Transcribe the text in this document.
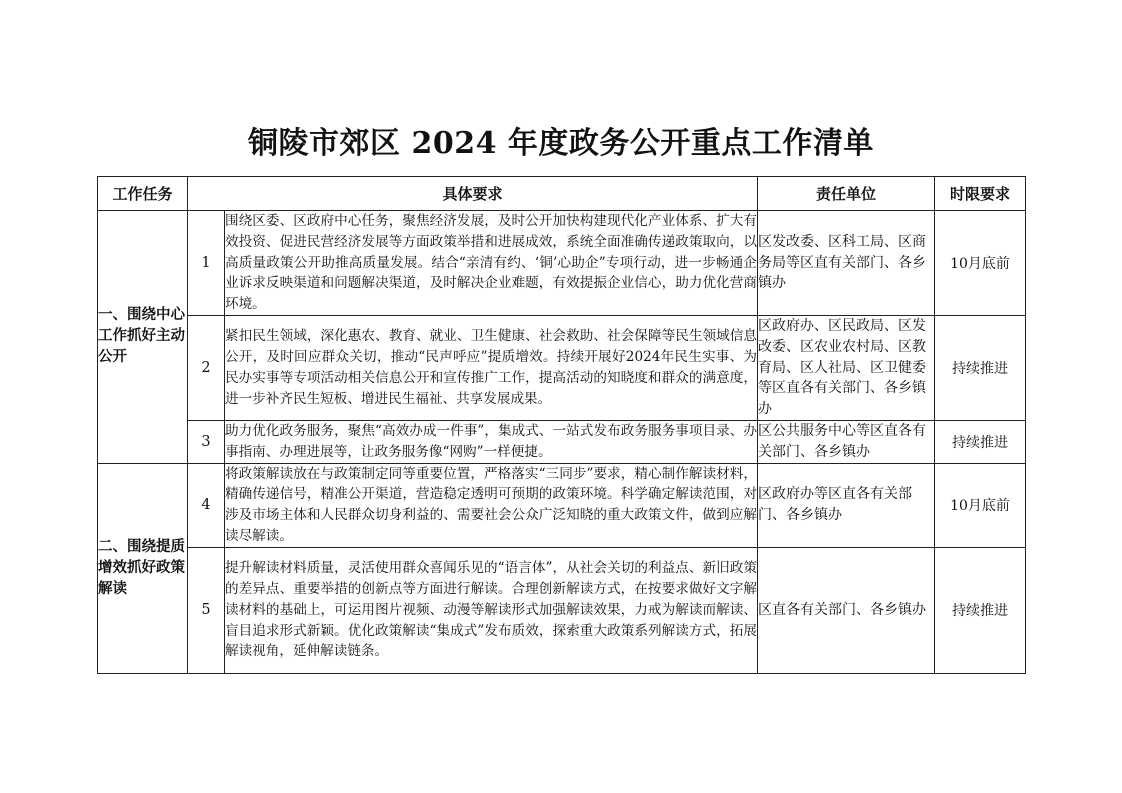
铜陵市郊区 2024 年度政务公开重点工作清单
工作任务	具体要求		责任单位	时限要求
一、围绕中心工作抓好主动公开	1	围绕区委、区政府中心任务，聚焦经济发展，及时公开加快构建现代化产业体系、扩大有效投资、促进民营经济发展等方面政策举措和进展成效，系统全面准确传递政策取向，以高质量政策公开助推高质量发展。结合“亲清有约、‘铜’心助企”专项行动，进一步畅通企业诉求反映渠道和问题解决渠道，及时解决企业难题，有效提振企业信心，助力优化营商环境。	区发改委、区科工局、区商务局等区直有关部门、各乡镇办	10月底前
	2	紧扣民生领域，深化惠农、教育、就业、卫生健康、社会救助、社会保障等民生领域信息公开，及时回应群众关切，推动“民声呼应”提质增效。持续开展好2024年民生实事、为民办实事等专项活动相关信息公开和宣传推广工作，提高活动的知晓度和群众的满意度，进一步补齐民生短板、增进民生福祉、共享发展成果。	区政府办、区民政局、区发改委、区农业农村局、区教育局、区人社局、区卫健委等区直各有关部门、各乡镇办	持续推进
	3	助力优化政务服务，聚焦“高效办成一件事”，集成式、一站式发布政务服务事项目录、办事指南、办理进展等，让政务服务像“网购”一样便捷。	区公共服务中心等区直各有关部门、各乡镇办	持续推进
二、围绕提质增效抓好政策解读	4	将政策解读放在与政策制定同等重要位置，严格落实“三同步”要求，精心制作解读材料，精确传递信号，精准公开渠道，营造稳定透明可预期的政策环境。科学确定解读范围，对涉及市场主体和人民群众切身利益的、需要社会公众广泛知晓的重大政策文件，做到应解读尽解读。	区政府办等区直各有关部门、各乡镇办	10月底前
	5	提升解读材料质量，灵活使用群众喜闻乐见的“语言体”，从社会关切的利益点、新旧政策的差异点、重要举措的创新点等方面进行解读。合理创新解读方式，在按要求做好文字解读材料的基础上，可运用图片视频、动漫等解读形式加强解读效果，力戒为解读而解读、盲目追求形式新颖。优化政策解读“集成式”发布质效，探索重大政策系列解读方式，拓展解读视角，延伸解读链条。	区直各有关部门、各乡镇办	持续推进
